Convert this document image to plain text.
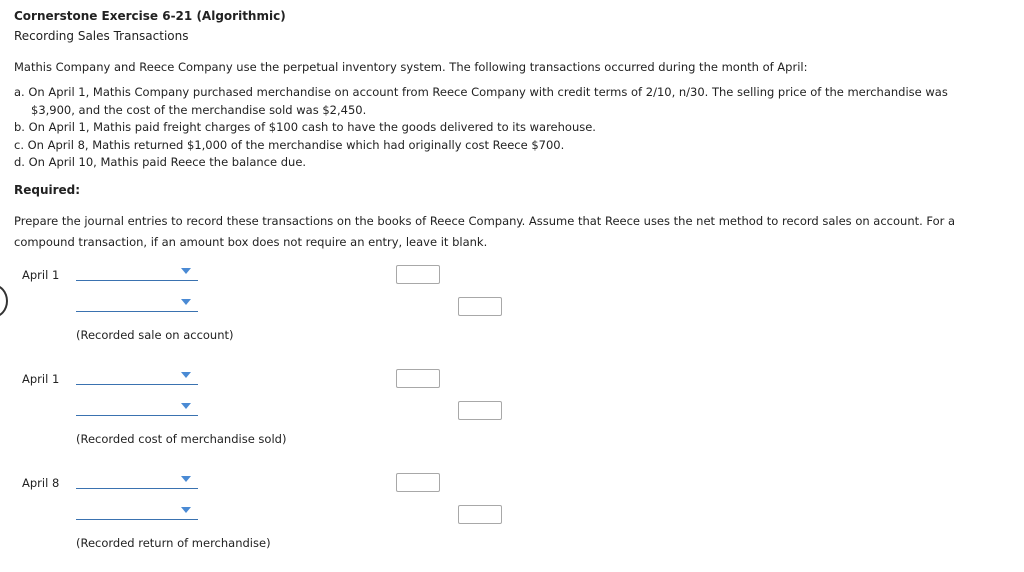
Cornerstone Exercise 6-21 (Algorithmic)
Recording Sales Transactions
Mathis Company and Reece Company use the perpetual inventory system. The following transactions occurred during the month of April:
a. On April 1, Mathis Company purchased merchandise on account from Reece Company with credit terms of 2/10, n/30. The selling price of the merchandise was $3,900, and the cost of the merchandise sold was $2,450.
b. On April 1, Mathis paid freight charges of $100 cash to have the goods delivered to its warehouse.
c. On April 8, Mathis returned $1,000 of the merchandise which had originally cost Reece $700.
d. On April 10, Mathis paid Reece the balance due.
Required:
Prepare the journal entries to record these transactions on the books of Reece Company. Assume that Reece uses the net method to record sales on account. For a compound transaction, if an amount box does not require an entry, leave it blank.
April 1
(Recorded sale on account)
April 1
(Recorded cost of merchandise sold)
April 8
(Recorded return of merchandise)
